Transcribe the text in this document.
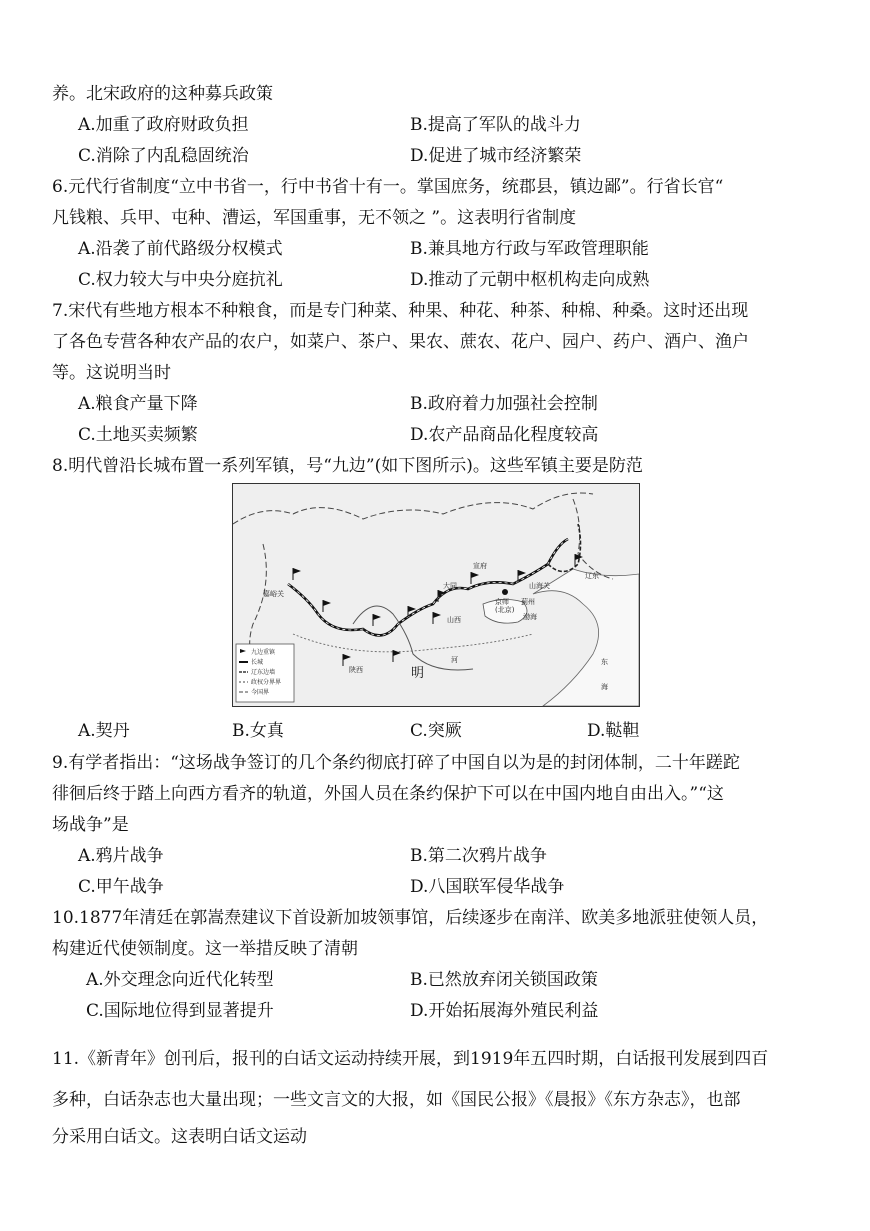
养。北宋政府的这种募兵政策
A.加重了政府财政负担	B.提高了军队的战斗力
C.消除了内乱稳固统治	D.促进了城市经济繁荣
6.元代行省制度“立中书省一，行中书省十有一。掌国庶务，统郡县，镇边鄙”。行省长官“
凡钱粮、兵甲、屯种、漕运，军国重事，无不领之 ”。这表明行省制度
A.沿袭了前代路级分权模式	B.兼具地方行政与军政管理职能
C.权力较大与中央分庭抗礼	D.推动了元朝中枢机构走向成熟
7.宋代有些地方根本不种粮食，而是专门种菜、种果、种花、种茶、种棉、种桑。这时还出现
了各色专营各种农产品的农户，如菜户、茶户、果农、蔗农、花户、园户、药户、酒户、渔户
等。这说明当时
A.粮食产量下降	B.政府着力加强社会控制
C.土地买卖频繁	D.农产品商品化程度较高
8.明代曾沿长城布置一系列军镇，号“九边”(如下图所示)。这些军镇主要是防范
嘉峪关
宣府
大同
山西
山海关
京师
(北京)
蓟州
渤海
辽东
陕西	明
河	东
海
九边重镇
长城
辽东边墙
政权分界界
今国界
A.契丹	B.女真	C.突厥	D.鞑靼
9.有学者指出：“这场战争签订的几个条约彻底打碎了中国自以为是的封闭体制，二十年蹉跎
徘徊后终于踏上向西方看齐的轨道，外国人员在条约保护下可以在中国内地自由出入。”“这
场战争”是
A.鸦片战争	B.第二次鸦片战争
C.甲午战争	D.八国联军侵华战争
10.1877年清廷在郭嵩焘建议下首设新加坡领事馆，后续逐步在南洋、欧美多地派驻使领人员，
构建近代使领制度。这一举措反映了清朝
A.外交理念向近代化转型	B.已然放弃闭关锁国政策
C.国际地位得到显著提升	D.开始拓展海外殖民利益
11.《新青年》创刊后，报刊的白话文运动持续开展，到1919年五四时期，白话报刊发展到四百
多种，白话杂志也大量出现；一些文言文的大报，如《国民公报》《晨报》《东方杂志》，也部
分采用白话文。这表明白话文运动
